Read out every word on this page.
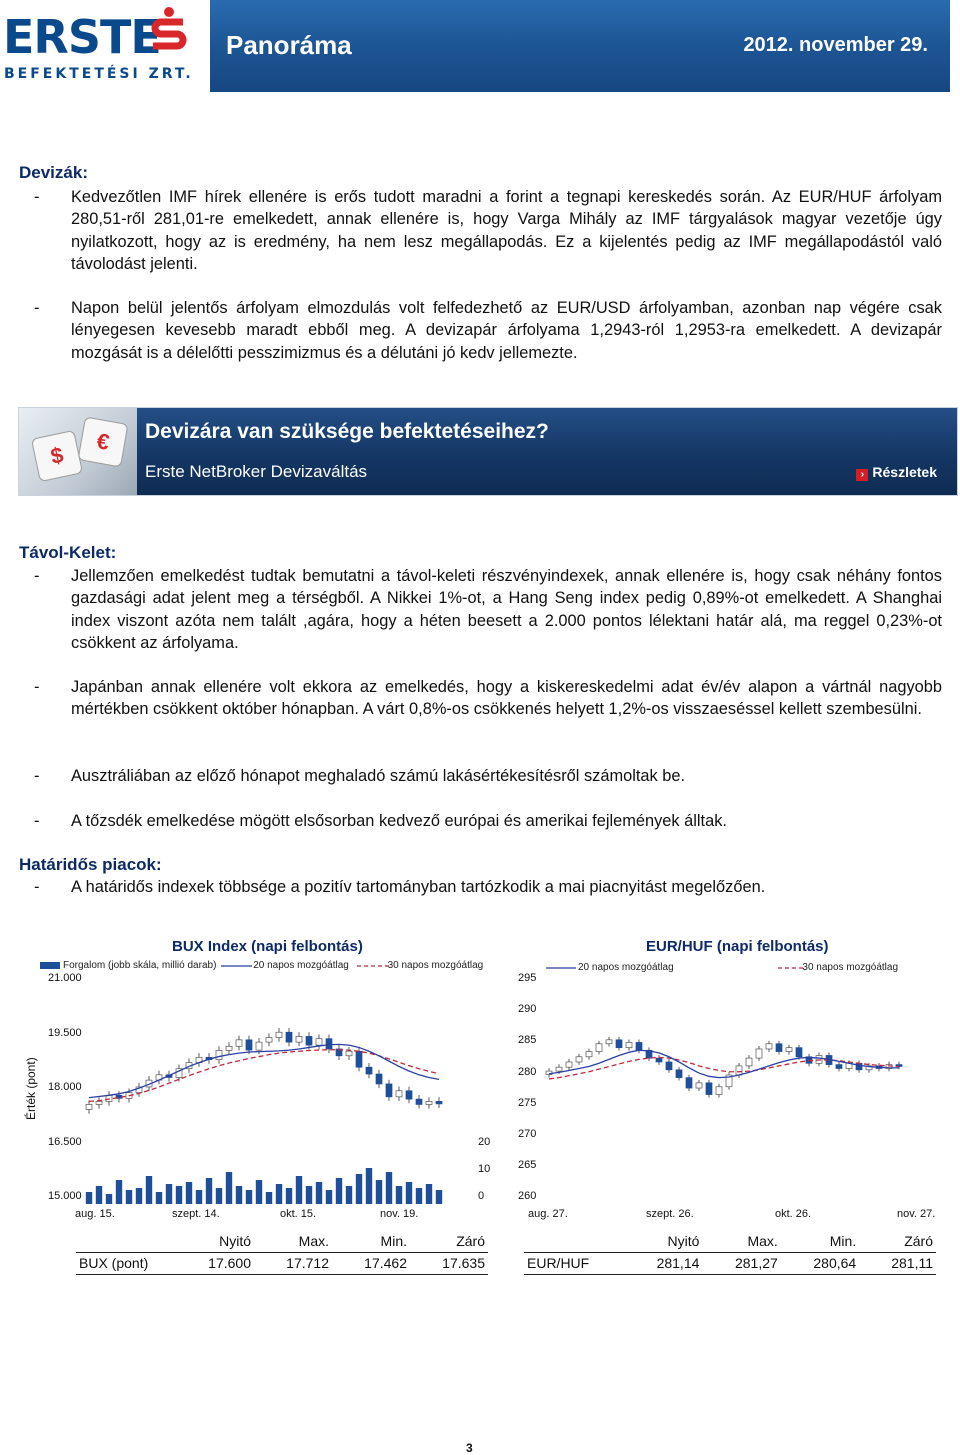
ERSTE
BEFEKTETÉSI ZRT.
Panoráma	2012. november 29.
Devizák:
- Kedvezőtlen IMF hírek ellenére is erős tudott maradni a forint a tegnapi kereskedés során. Az EUR/HUF árfolyam 280,51-ről 281,01-re emelkedett, annak ellenére is, hogy Varga Mihály az IMF tárgyalások magyar vezetője úgy nyilatkozott, hogy az is eredmény, ha nem lesz megállapodás. Ez a kijelentés pedig az IMF megállapodástól való távolodást jelenti.
- Napon belül jelentős árfolyam elmozdulás volt felfedezhető az EUR/USD árfolyamban, azonban nap végére csak lényegesen kevesebb maradt ebből meg. A devizapár árfolyama 1,2943-ról 1,2953-ra emelkedett. A devizapár mozgását is a délelőtti pesszimizmus és a délutáni jó kedv jellemezte.
$
€	Devizára van szüksége befektetéseihez?
Erste NetBroker Devizaváltás	› Részletek
Távol-Kelet:
- Jellemzően emelkedést tudtak bemutatni a távol-keleti részvényindexek, annak ellenére is, hogy csak néhány fontos gazdasági adat jelent meg a térségből. A Nikkei 1%-ot, a Hang Seng index pedig 0,89%-ot emelkedett. A Shanghai index viszont azóta nem talált ,agára, hogy a héten beesett a 2.000 pontos lélektani határ alá, ma reggel 0,23%-ot csökkent az árfolyama.
- Japánban annak ellenére volt ekkora az emelkedés, hogy a kiskereskedelmi adat év/év alapon a vártnál nagyobb mértékben csökkent október hónapban. A várt 0,8%-os csökkenés helyett 1,2%-os visszaeséssel kellett szembesülni.
- Ausztráliában az előző hónapot meghaladó számú lakásértékesítésről számoltak be.
- A tőzsdék emelkedése mögött elsősorban kedvező európai és amerikai fejlemények álltak.
Határidős piacok:
- A határidős indexek többsége a pozitív tartományban tartózkodik a mai piacnyitást megelőzően.
BUX Index (napi felbontás)
Forgalom (jobb skála, millió darab)	20 napos mozgóátlag	30 napos mozgóátlag
Érték (pont)
21.000
19.500
18.000
16.500
15.000
20
10
0
aug. 15.	szept. 14.	okt. 15.	nov. 19.
EUR/HUF (napi felbontás)
20 napos mozgóátlag	30 napos mozgóátlag
295
290
285
280
275
270
265
260
aug. 27.	szept. 26.	okt. 26.	nov. 27.
	Nyitó	Max.	Min.	Záró
BUX (pont)	17.600	17.712	17.462	17.635
	Nyitó	Max.	Min.	Záró
EUR/HUF	281,14	281,27	280,64	281,11
3
